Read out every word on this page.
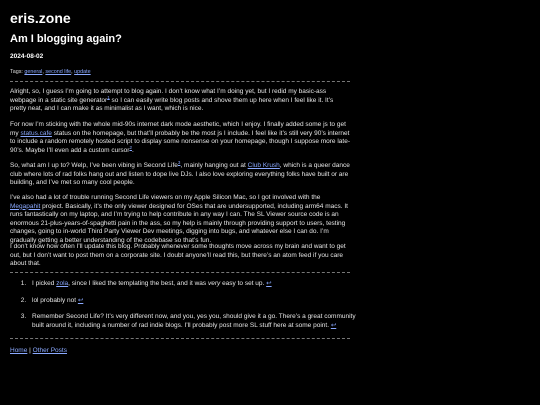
eris.zone
Am I blogging again?
2024-08-02
Tags: general, second life, update

Alright, so, I guess I’m going to attempt to blog again. I don’t know what I’m doing yet, but I redid my basic-ass webpage in a static site generator$^1$ so I can easily write blog posts and shove them up here when I feel like it. It’s pretty neat, and I can make it as minimalist as I want, which is nice.

For now I’m sticking with the whole mid-90s internet dark mode aesthetic, which I enjoy. I finally added some js to get my status.cafe status on the homepage, but that’ll probably be the most js I include. I feel like it’s still very 90’s internet to include a random remotely hosted script to display some nonsense on your homepage, though I suppose more late-90’s. Maybe I’ll even add a custom cursor$^2$.

So, what am I up to? Welp, I’ve been vibing in Second Life$^3$, mainly hanging out at Club Krush, which is a queer dance club where lots of rad folks hang out and listen to dope live DJs. I also love exploring everything folks have built or are building, and I’ve met so many cool people.

I’ve also had a lot of trouble running Second Life viewers on my Apple Silicon Mac, so I got involved with the Megapahit project. Basically, it’s the only viewer designed for OSes that are undersupported, including arm64 macs. It runs fantastically on my laptop, and I’m trying to help contribute in any way I can. The SL Viewer source code is an enormous 21-plus-years-of-spaghetti pain in the ass, so my help is mainly through providing support to users, testing changes, going to in-world Third Party Viewer Dev meetings, digging into bugs, and whatever else I can do. I’m gradually getting a better understanding of the codebase so that’s fun.

I don’t know how often I’ll update this blog. Probably whenever some thoughts move across my brain and want to get out, but I don’t want to post them on a corporate site. I doubt anyone’ll read this, but there’s an atom feed if you care about that.

1. I picked zola, since I liked the templating the best, and it was very easy to set up. ↩
2. lol probably not ↩
3. Remember Second Life? It’s very different now, and you, yes you, should give it a go. There’s a great community built around it, including a number of rad indie blogs. I’ll probably post more SL stuff here at some point. ↩
Home | Other Posts
